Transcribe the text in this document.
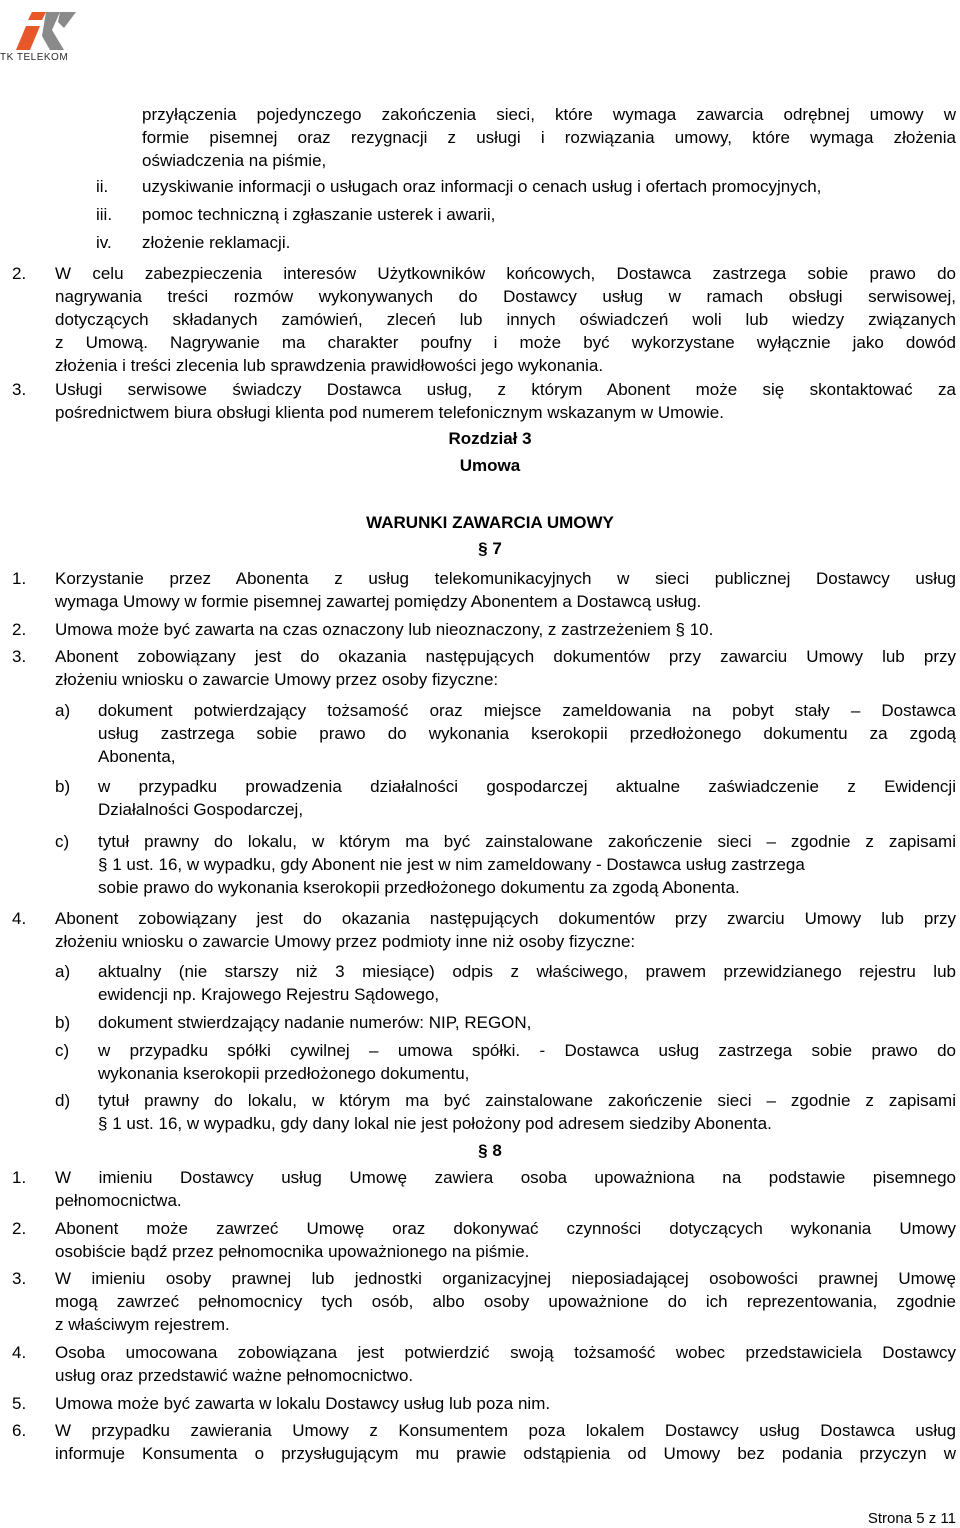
TK TELEKOM
przyłączenia pojedynczego zakończenia sieci, które wymaga zawarcia odrębnej umowy w
formie pisemnej oraz rezygnacji z usługi i rozwiązania umowy, które wymaga złożenia
oświadczenia na piśmie,
ii. uzyskiwanie informacji o usługach oraz informacji o cenach usług i ofertach promocyjnych,
iii. pomoc techniczną i zgłaszanie usterek i awarii,
iv. złożenie reklamacji.
2. W celu zabezpieczenia interesów Użytkowników końcowych, Dostawca zastrzega sobie prawo do
nagrywania treści rozmów wykonywanych do Dostawcy usług w ramach obsługi serwisowej,
dotyczących składanych zamówień, zleceń lub innych oświadczeń woli lub wiedzy związanych
z Umową. Nagrywanie ma charakter poufny i może być wykorzystane wyłącznie jako dowód
złożenia i treści zlecenia lub sprawdzenia prawidłowości jego wykonania.
3. Usługi serwisowe świadczy Dostawca usług, z którym Abonent może się skontaktować za
pośrednictwem biura obsługi klienta pod numerem telefonicznym wskazanym w Umowie.
Rozdział 3
Umowa
WARUNKI ZAWARCIA UMOWY
§ 7
1. Korzystanie przez Abonenta z usług telekomunikacyjnych w sieci publicznej Dostawcy usług
wymaga Umowy w formie pisemnej zawartej pomiędzy Abonentem a Dostawcą usług.
2. Umowa może być zawarta na czas oznaczony lub nieoznaczony, z zastrzeżeniem § 10.
3. Abonent zobowiązany jest do okazania następujących dokumentów przy zawarciu Umowy lub przy
złożeniu wniosku o zawarcie Umowy przez osoby fizyczne:
a) dokument potwierdzający tożsamość oraz miejsce zameldowania na pobyt stały – Dostawca
usług zastrzega sobie prawo do wykonania kserokopii przedłożonego dokumentu za zgodą
Abonenta,
b) w przypadku prowadzenia działalności gospodarczej aktualne zaświadczenie z Ewidencji
Działalności Gospodarczej,
c) tytuł prawny do lokalu, w którym ma być zainstalowane zakończenie sieci – zgodnie z zapisami
§ 1 ust. 16, w wypadku, gdy Abonent nie jest w nim zameldowany - Dostawca usług zastrzega
sobie prawo do wykonania kserokopii przedłożonego dokumentu za zgodą Abonenta.
4. Abonent zobowiązany jest do okazania następujących dokumentów przy zwarciu Umowy lub przy
złożeniu wniosku o zawarcie Umowy przez podmioty inne niż osoby fizyczne:
a) aktualny (nie starszy niż 3 miesiące) odpis z właściwego, prawem przewidzianego rejestru lub
ewidencji np. Krajowego Rejestru Sądowego,
b) dokument stwierdzający nadanie numerów: NIP, REGON,
c) w przypadku spółki cywilnej – umowa spółki. - Dostawca usług zastrzega sobie prawo do
wykonania kserokopii przedłożonego dokumentu,
d) tytuł prawny do lokalu, w którym ma być zainstalowane zakończenie sieci – zgodnie z zapisami
§ 1 ust. 16, w wypadku, gdy dany lokal nie jest położony pod adresem siedziby Abonenta.
§ 8
1. W imieniu Dostawcy usług Umowę zawiera osoba upoważniona na podstawie pisemnego
pełnomocnictwa.
2. Abonent może zawrzeć Umowę oraz dokonywać czynności dotyczących wykonania Umowy
osobiście bądź przez pełnomocnika upoważnionego na piśmie.
3. W imieniu osoby prawnej lub jednostki organizacyjnej nieposiadającej osobowości prawnej Umowę
mogą zawrzeć pełnomocnicy tych osób, albo osoby upoważnione do ich reprezentowania, zgodnie
z właściwym rejestrem.
4. Osoba umocowana zobowiązana jest potwierdzić swoją tożsamość wobec przedstawiciela Dostawcy
usług oraz przedstawić ważne pełnomocnictwo.
5. Umowa może być zawarta w lokalu Dostawcy usług lub poza nim.
6. W przypadku zawierania Umowy z Konsumentem poza lokalem Dostawcy usług Dostawca usług
informuje Konsumenta o przysługującym mu prawie odstąpienia od Umowy bez podania przyczyn w
Strona 5 z 11
